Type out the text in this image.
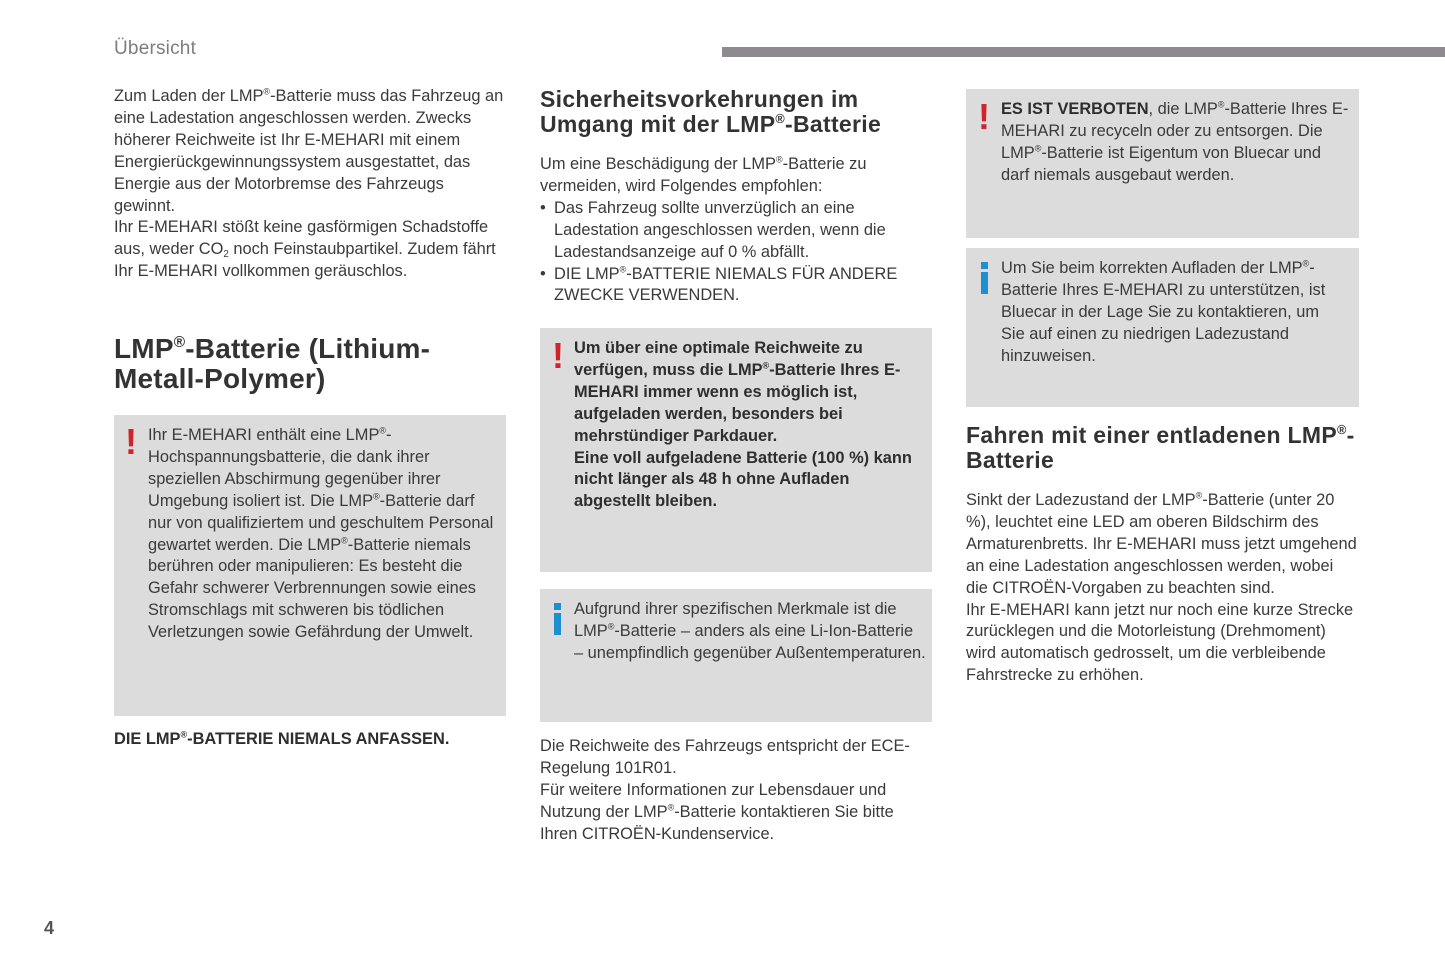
Übersicht

Zum Laden der LMP®-Batterie muss das Fahrzeug an eine Ladestation angeschlossen werden. Zwecks höherer Reichweite ist Ihr E-MEHARI mit einem Energierückgewinnungssystem ausgestattet, das Energie aus der Motorbremse des Fahrzeugs gewinnt.

Ihr E-MEHARI stößt keine gasförmigen Schadstoffe aus, weder $CO_2$ noch Feinstaubpartikel. Zudem fährt Ihr E-MEHARI vollkommen geräuschlos.

LMP®-Batterie (Lithium-Metall-Polymer)
! Ihr E-MEHARI enthält eine LMP®-Hochspannungsbatterie, die dank ihrer speziellen Abschirmung gegenüber ihrer Umgebung isoliert ist. Die LMP®-Batterie darf nur von qualifiziertem und geschultem Personal gewartet werden. Die LMP®-Batterie niemals berühren oder manipulieren: Es besteht die Gefahr schwerer Verbrennungen sowie eines Stromschlags mit schweren bis tödlichen Verletzungen sowie Gefährdung der Umwelt.

DIE LMP®-BATTERIE NIEMALS ANFASSEN.
Sicherheitsvorkehrungen im Umgang mit der LMP®-Batterie

Um eine Beschädigung der LMP®-Batterie zu vermeiden, wird Folgendes empfohlen:

• Das Fahrzeug sollte unverzüglich an eine Ladestation angeschlossen werden, wenn die Ladestandsanzeige auf 0 % abfällt.
• DIE LMP®-BATTERIE NIEMALS FÜR ANDERE ZWECKE VERWENDEN.
! Um über eine optimale Reichweite zu verfügen, muss die LMP®-Batterie Ihres E-MEHARI immer wenn es möglich ist, aufgeladen werden, besonders bei mehrstündiger Parkdauer.

Eine voll aufgeladene Batterie (100 %) kann nicht länger als 48 h ohne Aufladen abgestellt bleiben.

Aufgrund ihrer spezifischen Merkmale ist die LMP®-Batterie – anders als eine Li-Ion-Batterie – unempfindlich gegenüber Außentemperaturen.

Die Reichweite des Fahrzeugs entspricht der ECE-Regelung 101R01.

Für weitere Informationen zur Lebensdauer und Nutzung der LMP®-Batterie kontaktieren Sie bitte Ihren CITROËN-Kundenservice.

! ES IST VERBOTEN, die LMP®-Batterie Ihres E-MEHARI zu recyceln oder zu entsorgen. Die LMP®-Batterie ist Eigentum von Bluecar und darf niemals ausgebaut werden.

Um Sie beim korrekten Aufladen der LMP®-Batterie Ihres E-MEHARI zu unterstützen, ist Bluecar in der Lage Sie zu kontaktieren, um Sie auf einen zu niedrigen Ladezustand hinzuweisen.

Fahren mit einer entladenen LMP®-Batterie

Sinkt der Ladezustand der LMP®-Batterie (unter 20 %), leuchtet eine LED am oberen Bildschirm des Armaturenbretts. Ihr E-MEHARI muss jetzt umgehend an eine Ladestation angeschlossen werden, wobei die CITROËN-Vorgaben zu beachten sind.

Ihr E-MEHARI kann jetzt nur noch eine kurze Strecke zurücklegen und die Motorleistung (Drehmoment) wird automatisch gedrosselt, um die verbleibende Fahrstrecke zu erhöhen.

4
